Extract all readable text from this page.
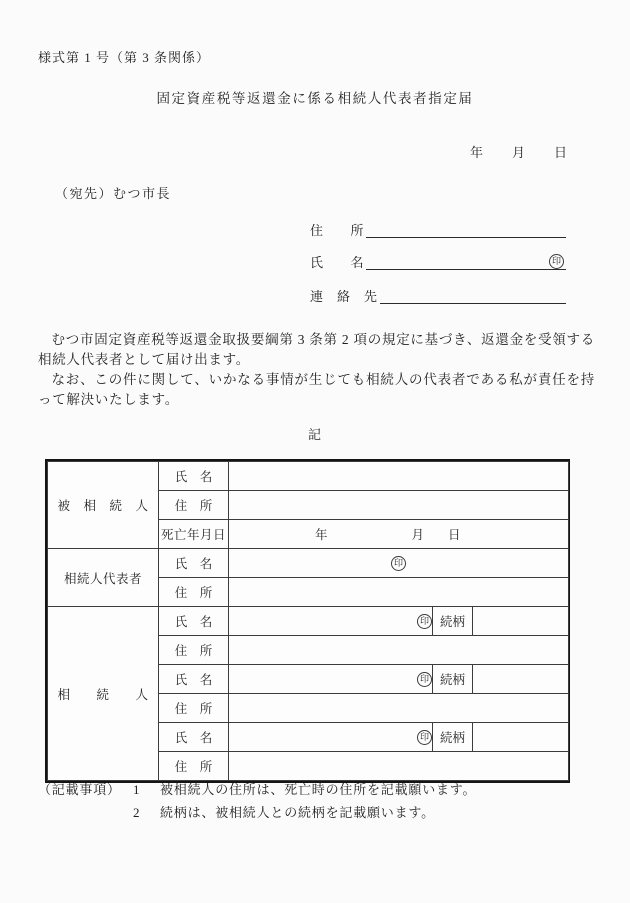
様式第 1 号（第 3 条関係）
固定資産税等返還金に係る相続人代表者指定届
年　　月　　日
（宛先）むつ市長
住　　所
氏　　名	印
連　絡　先

むつ市固定資産税等返還金取扱要綱第 3 条第 2 項の規定に基づき、返還金を受領する相続人代表者として届け出ます。

なお、この件に関して、いかなる事情が生じても相続人の代表者である私が責任を持って解決いたします。

記
被　相　続　人	氏　名			
	住　所			
	死亡年月日	年 月 日		
相続人代表者	氏　名	印		
	住　所			
相　　続　　人	氏　名	印	続柄	
	住　所			
	氏　名	印	続柄	
	住　所			
	氏　名	印	続柄	
	住　所			
（記載事項） 1	被相続人の住所は、死亡時の住所を記載願います。
2	続柄は、被相続人との続柄を記載願います。
